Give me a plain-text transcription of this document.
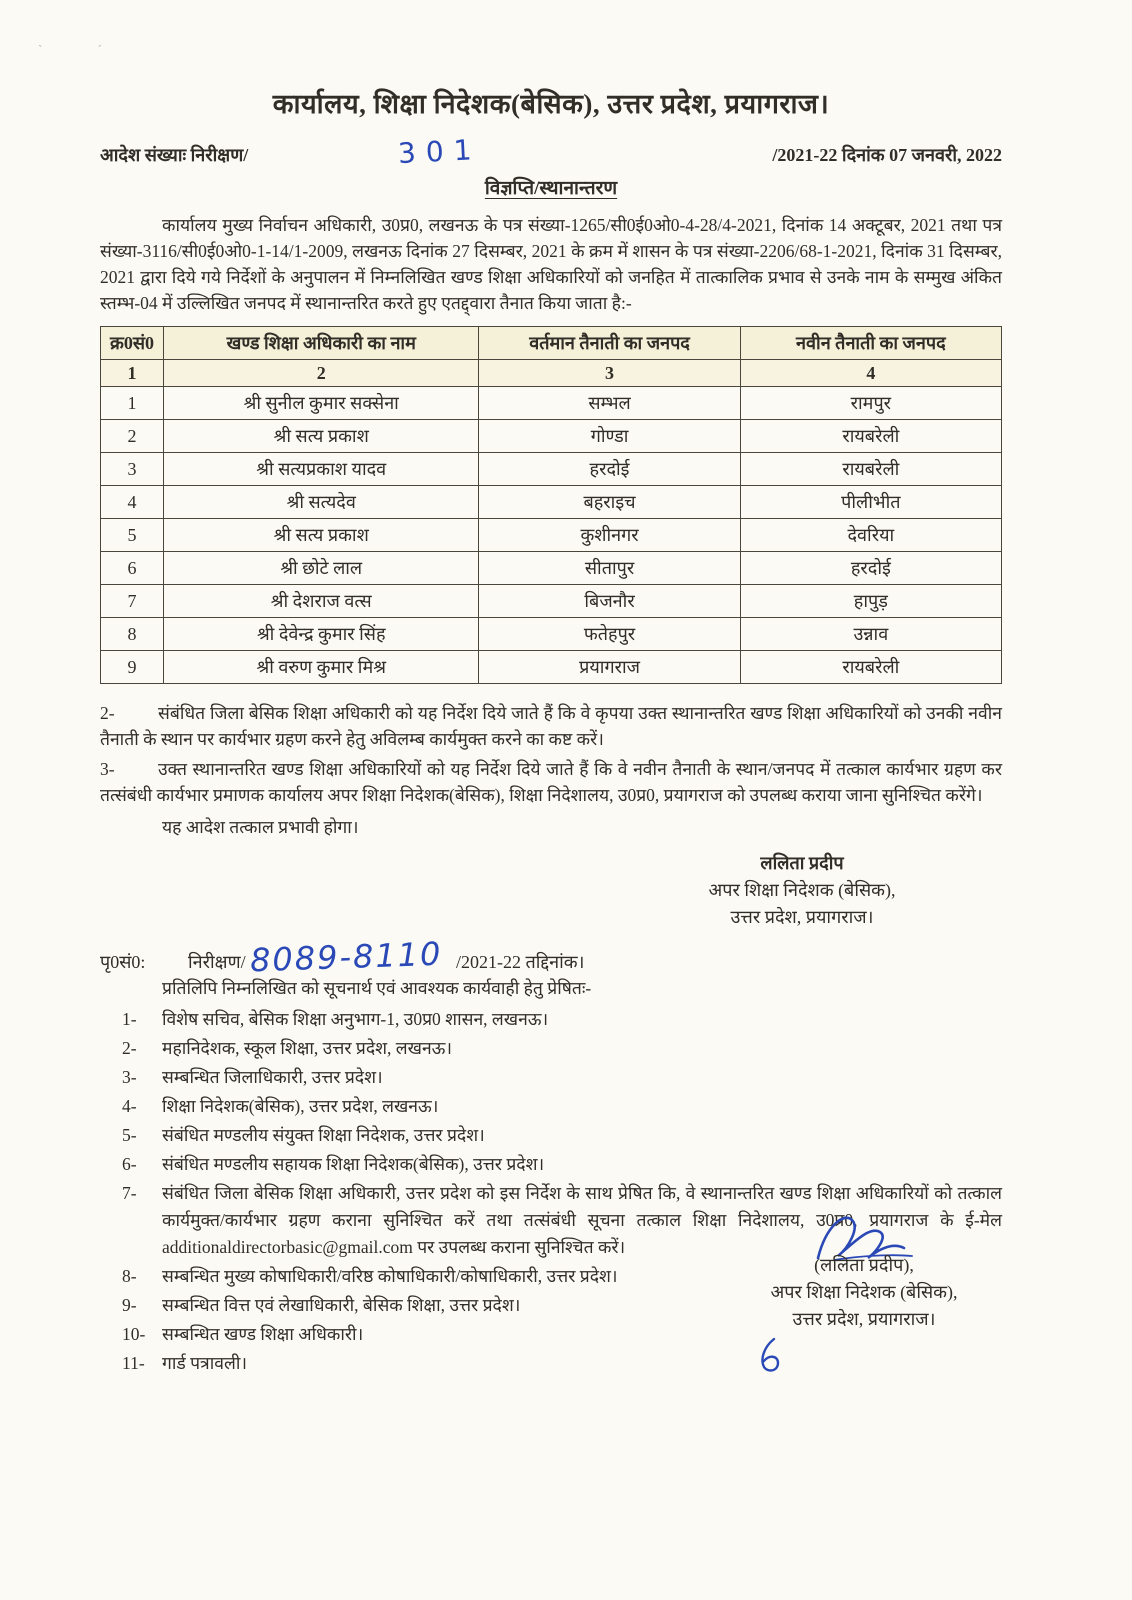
` ´
कार्यालय, शिक्षा निदेशक(बेसिक), उत्तर प्रदेश, प्रयागराज।
आदेश संख्याः निरीक्षण/	301	/2021-22 दिनांक 07 जनवरी, 2022
विज्ञप्ति/स्थानान्तरण

कार्यालय मुख्य निर्वाचन अधिकारी, उ0प्र0, लखनऊ के पत्र संख्या-1265/सी0ई0ओ0-4-28/4-2021, दिनांक 14 अक्टूबर, 2021 तथा पत्र संख्या-3116/सी0ई0ओ0-1-14/1-2009, लखनऊ दिनांक 27 दिसम्बर, 2021 के क्रम में शासन के पत्र संख्या-2206/68-1-2021, दिनांक 31 दिसम्बर, 2021 द्वारा दिये गये निर्देशों के अनुपालन में निम्नलिखित खण्ड शिक्षा अधिकारियों को जनहित में तात्कालिक प्रभाव से उनके नाम के सम्मुख अंकित स्तम्भ-04 में उल्लिखित जनपद में स्थानान्तरित करते हुए एतद्द्वारा तैनात किया जाता है:-

क्र0सं0	खण्ड शिक्षा अधिकारी का नाम	वर्तमान तैनाती का जनपद	नवीन तैनाती का जनपद
1	2	3	4
1	श्री सुनील कुमार सक्सेना	सम्भल	रामपुर
2	श्री सत्य प्रकाश	गोण्डा	रायबरेली
3	श्री सत्यप्रकाश यादव	हरदोई	रायबरेली
4	श्री सत्यदेव	बहराइच	पीलीभीत
5	श्री सत्य प्रकाश	कुशीनगर	देवरिया
6	श्री छोटे लाल	सीतापुर	हरदोई
7	श्री देशराज वत्स	बिजनौर	हापुड़
8	श्री देवेन्द्र कुमार सिंह	फतेहपुर	उन्नाव
9	श्री वरुण कुमार मिश्र	प्रयागराज	रायबरेली

2- संबंधित जिला बेसिक शिक्षा अधिकारी को यह निर्देश दिये जाते हैं कि वे कृपया उक्त स्थानान्तरित खण्ड शिक्षा अधिकारियों को उनकी नवीन तैनाती के स्थान पर कार्यभार ग्रहण करने हेतु अविलम्ब कार्यमुक्त करने का कष्ट करें।

3- उक्त स्थानान्तरित खण्ड शिक्षा अधिकारियों को यह निर्देश दिये जाते हैं कि वे नवीन तैनाती के स्थान/जनपद में तत्काल कार्यभार ग्रहण कर तत्संबंधी कार्यभार प्रमाणक कार्यालय अपर शिक्षा निदेशक(बेसिक), शिक्षा निदेशालय, उ0प्र0, प्रयागराज को उपलब्ध कराया जाना सुनिश्चित करेंगे।

यह आदेश तत्काल प्रभावी होगा।

ललिता प्रदीप
अपर शिक्षा निदेशक (बेसिक),
उत्तर प्रदेश, प्रयागराज।
पृ0सं0:	निरीक्षण/ 8089-8110 /2021-22 तद्दिनांक।
प्रतिलिपि निम्नलिखित को सूचनार्थ एवं आवश्यक कार्यवाही हेतु प्रेषितः-
1-	विशेष सचिव, बेसिक शिक्षा अनुभाग-1, उ0प्र0 शासन, लखनऊ।
2-	महानिदेशक, स्कूल शिक्षा, उत्तर प्रदेश, लखनऊ।
3-	सम्बन्धित जिलाधिकारी, उत्तर प्रदेश।
4-	शिक्षा निदेशक(बेसिक), उत्तर प्रदेश, लखनऊ।
5-	संबंधित मण्डलीय संयुक्त शिक्षा निदेशक, उत्तर प्रदेश।
6-	संबंधित मण्डलीय सहायक शिक्षा निदेशक(बेसिक), उत्तर प्रदेश।
7-	संबंधित जिला बेसिक शिक्षा अधिकारी, उत्तर प्रदेश को इस निर्देश के साथ प्रेषित कि, वे स्थानान्तरित खण्ड शिक्षा अधिकारियों को तत्काल कार्यमुक्त/कार्यभार ग्रहण कराना सुनिश्चित करें तथा तत्संबंधी सूचना तत्काल शिक्षा निदेशालय, उ0प्र0, प्रयागराज के ई-मेल additionaldirectorbasic@gmail.com पर उपलब्ध कराना सुनिश्चित करें।
8-	सम्बन्धित मुख्य कोषाधिकारी/वरिष्ठ कोषाधिकारी/कोषाधिकारी, उत्तर प्रदेश।
9-	सम्बन्धित वित्त एवं लेखाधिकारी, बेसिक शिक्षा, उत्तर प्रदेश।
10- सम्बन्धित खण्ड शिक्षा अधिकारी।
11- गार्ड पत्रावली।
(ललिता प्रदीप),
अपर शिक्षा निदेशक (बेसिक),
उत्तर प्रदेश, प्रयागराज।
